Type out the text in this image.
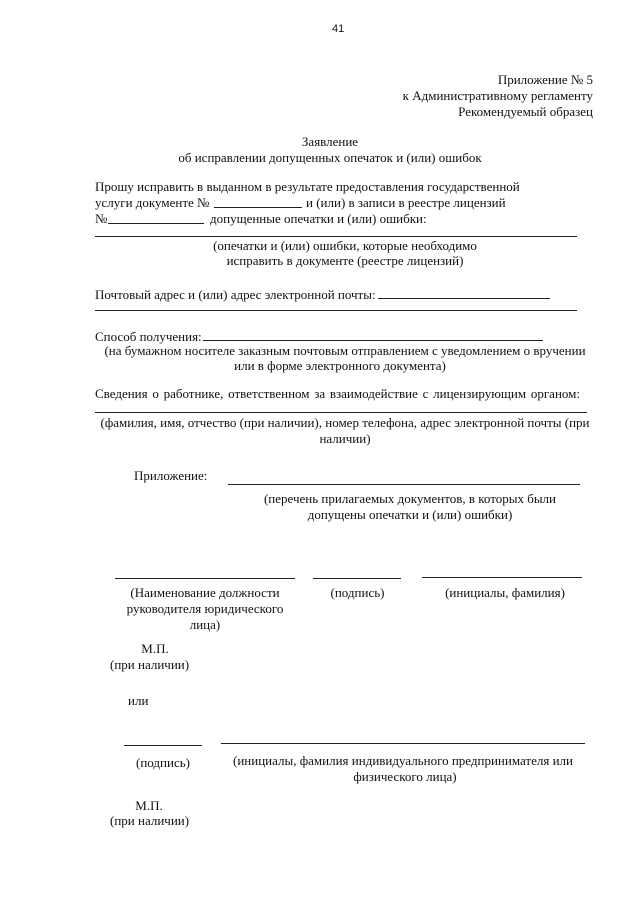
41
Приложение № 5
к Административному регламенту
Рекомендуемый образец
Заявление
об исправлении допущенных опечаток и (или) ошибок
Прошу исправить в выданном в результате предоставления государственной
услуги документе №	и (или) в записи в реестре лицензий
№	допущенные опечатки и (или) ошибки:
(опечатки и (или) ошибки, которые необходимо
исправить в документе (реестре лицензий)
Почтовый адрес и (или) адрес электронной почты:
Способ получения:
(на бумажном носителе заказным почтовым отправлением с уведомлением о вручении
или в форме электронного документа)
Сведения о работнике, ответственном за взаимодействие с лицензирующим органом:
(фамилия, имя, отчество (при наличии), номер телефона, адрес электронной почты (при
наличии)
Приложение:
(перечень прилагаемых документов, в которых были
допущены опечатки и (или) ошибки)
(Наименование должности
руководителя юридического
лица)
(подпись)	(инициалы, фамилия)
М.П.
(при наличии)
или
(подпись)	(инициалы, фамилия индивидуального предпринимателя или
физического лица)
М.П.
(при наличии)
